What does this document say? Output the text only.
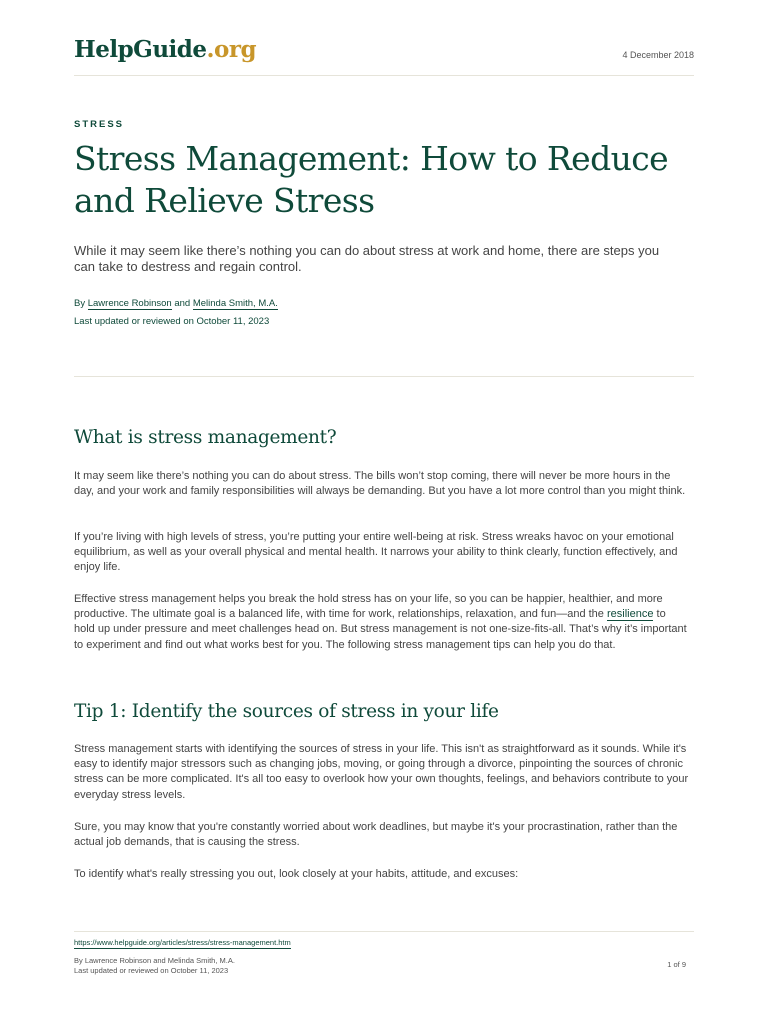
HelpGuide.org	4 December 2018
STRESS
Stress Management: How to Reduce and Relieve Stress

While it may seem like there’s nothing you can do about stress at work and home, there are steps you can take to destress and regain control.

By Lawrence Robinson and Melinda Smith, M.A.
Last updated or reviewed on October 11, 2023
What is stress management?

It may seem like there’s nothing you can do about stress. The bills won’t stop coming, there will never be more hours in the day, and your work and family responsibilities will always be demanding. But you have a lot more control than you might think.

If you’re living with high levels of stress, you’re putting your entire well-being at risk. Stress wreaks havoc on your emotional equilibrium, as well as your overall physical and mental health. It narrows your ability to think clearly, function effectively, and enjoy life.

Effective stress management helps you break the hold stress has on your life, so you can be happier, healthier, and more productive. The ultimate goal is a balanced life, with time for work, relationships, relaxation, and fun—and the resilience to hold up under pressure and meet challenges head on. But stress management is not one-size-fits-all. That’s why it’s important to experiment and find out what works best for you. The following stress management tips can help you do that.

Tip 1: Identify the sources of stress in your life

Stress management starts with identifying the sources of stress in your life. This isn't as straightforward as it sounds. While it's easy to identify major stressors such as changing jobs, moving, or going through a divorce, pinpointing the sources of chronic stress can be more complicated. It's all too easy to overlook how your own thoughts, feelings, and behaviors contribute to your everyday stress levels.

Sure, you may know that you're constantly worried about work deadlines, but maybe it's your procrastination, rather than the actual job demands, that is causing the stress.

To identify what's really stressing you out, look closely at your habits, attitude, and excuses:

https://www.helpguide.org/articles/stress/stress-management.htm
By Lawrence Robinson and Melinda Smith, M.A.
Last updated or reviewed on October 11, 2023
1 of 9
